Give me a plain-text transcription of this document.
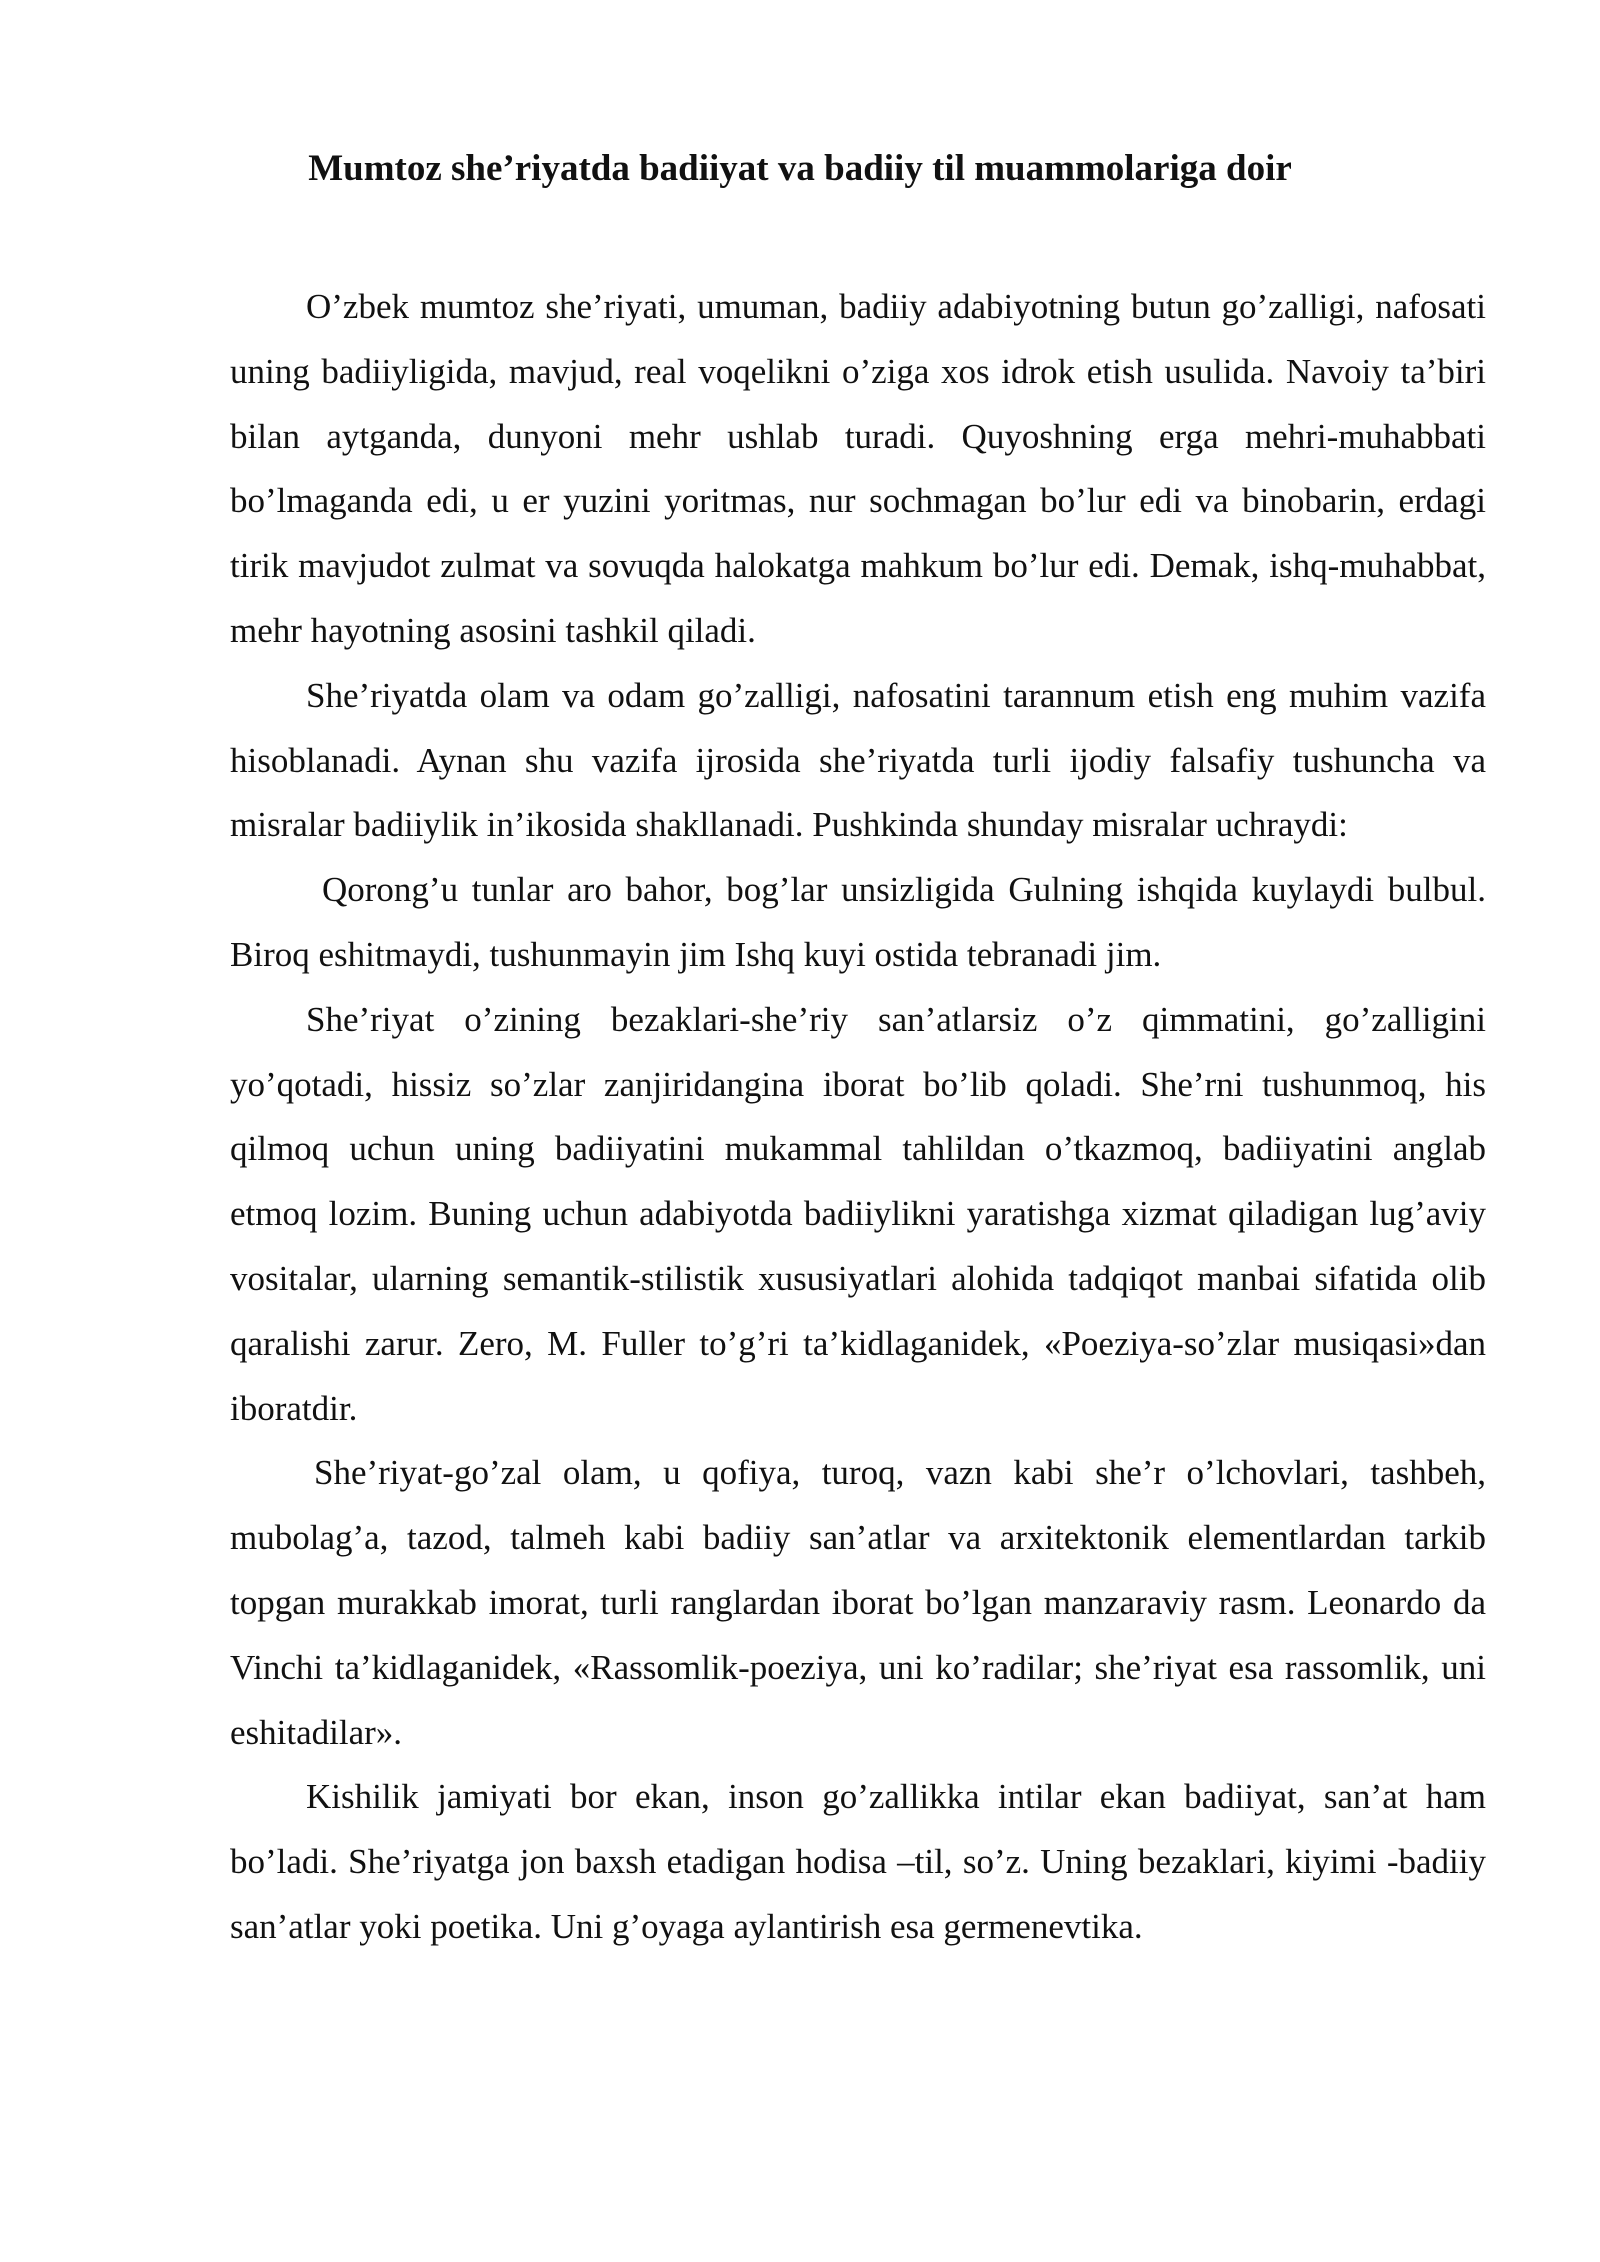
Mumtoz she’riyatda badiiyat va badiiy til muammolariga doir

O’zbek mumtoz she’riyati, umuman, badiiy adabiyotning butun go’zalligi, nafosati uning badiiyligida, mavjud, real voqelikni o’ziga xos idrok etish usulida. Navoiy ta’biri bilan aytganda, dunyoni mehr ushlab turadi. Quyoshning erga mehri-muhabbati bo’lmaganda edi, u er yuzini yoritmas, nur sochmagan bo’lur edi va binobarin, erdagi tirik mavjudot zulmat va sovuqda halokatga mahkum bo’lur edi. Demak, ishq-muhabbat, mehr hayotning asosini tashkil qiladi.

She’riyatda olam va odam go’zalligi, nafosatini tarannum etish eng muhim vazifa hisoblanadi. Aynan shu vazifa ijrosida she’riyatda turli ijodiy falsafiy tushuncha va misralar badiiylik in’ikosida shakllanadi. Pushkinda shunday misralar uchraydi:

Qorong’u tunlar aro bahor, bog’lar unsizligida Gulning ishqida kuylaydi bulbul. Biroq eshitmaydi, tushunmayin jim Ishq kuyi ostida tebranadi jim.

She’riyat o’zining bezaklari-she’riy san’atlarsiz o’z qimmatini, go’zalligini yo’qotadi, hissiz so’zlar zanjiridangina iborat bo’lib qoladi. She’rni tushunmoq, his qilmoq uchun uning badiiyatini mukammal tahlildan o’tkazmoq, badiiyatini anglab etmoq lozim. Buning uchun adabiyotda badiiylikni yaratishga xizmat qiladigan lug’aviy vositalar, ularning semantik-stilistik xususiyatlari alohida tadqiqot manbai sifatida olib qaralishi zarur. Zero, M. Fuller to’g’ri ta’kidlaganidek, «Poeziya-so’zlar musiqasi»dan iboratdir.

She’riyat-go’zal olam, u qofiya, turoq, vazn kabi she’r o’lchovlari, tashbeh, mubolag’a, tazod, talmeh kabi badiiy san’atlar va arxitektonik elementlardan tarkib topgan murakkab imorat, turli ranglardan iborat bo’lgan manzaraviy rasm. Leonardo da Vinchi ta’kidlaganidek, «Rassomlik-poeziya, uni ko’radilar; she’riyat esa rassomlik, uni eshitadilar».

Kishilik jamiyati bor ekan, inson go’zallikka intilar ekan badiiyat, san’at ham bo’ladi. She’riyatga jon baxsh etadigan hodisa –til, so’z. Uning bezaklari, kiyimi -badiiy san’atlar yoki poetika. Uni g’oyaga aylantirish esa germenevtika.
